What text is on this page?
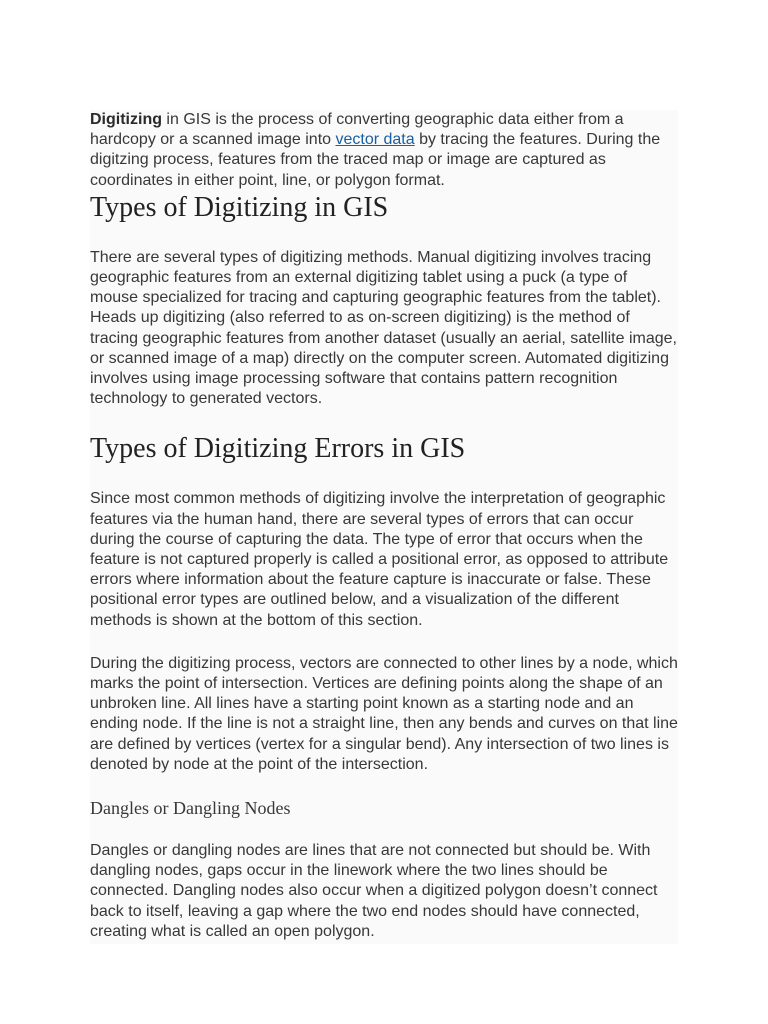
Digitizing in GIS is the process of converting geographic data either from a hardcopy or a scanned image into vector data by tracing the features. During the digitzing process, features from the traced map or image are captured as coordinates in either point, line, or polygon format.

Types of Digitizing in GIS

There are several types of digitizing methods. Manual digitizing involves tracing geographic features from an external digitizing tablet using a puck (a type of mouse specialized for tracing and capturing geographic features from the tablet). Heads up digitizing (also referred to as on-screen digitizing) is the method of tracing geographic features from another dataset (usually an aerial, satellite image, or scanned image of a map) directly on the computer screen. Automated digitizing involves using image processing software that contains pattern recognition technology to generated vectors.

Types of Digitizing Errors in GIS

Since most common methods of digitizing involve the interpretation of geographic features via the human hand, there are several types of errors that can occur during the course of capturing the data. The type of error that occurs when the feature is not captured properly is called a positional error, as opposed to attribute errors where information about the feature capture is inaccurate or false. These positional error types are outlined below, and a visualization of the different methods is shown at the bottom of this section.

During the digitizing process, vectors are connected to other lines by a node, which marks the point of intersection. Vertices are defining points along the shape of an unbroken line. All lines have a starting point known as a starting node and an ending node. If the line is not a straight line, then any bends and curves on that line are defined by vertices (vertex for a singular bend). Any intersection of two lines is denoted by node at the point of the intersection.

Dangles or Dangling Nodes

Dangles or dangling nodes are lines that are not connected but should be. With dangling nodes, gaps occur in the linework where the two lines should be connected. Dangling nodes also occur when a digitized polygon doesn’t connect back to itself, leaving a gap where the two end nodes should have connected, creating what is called an open polygon.
